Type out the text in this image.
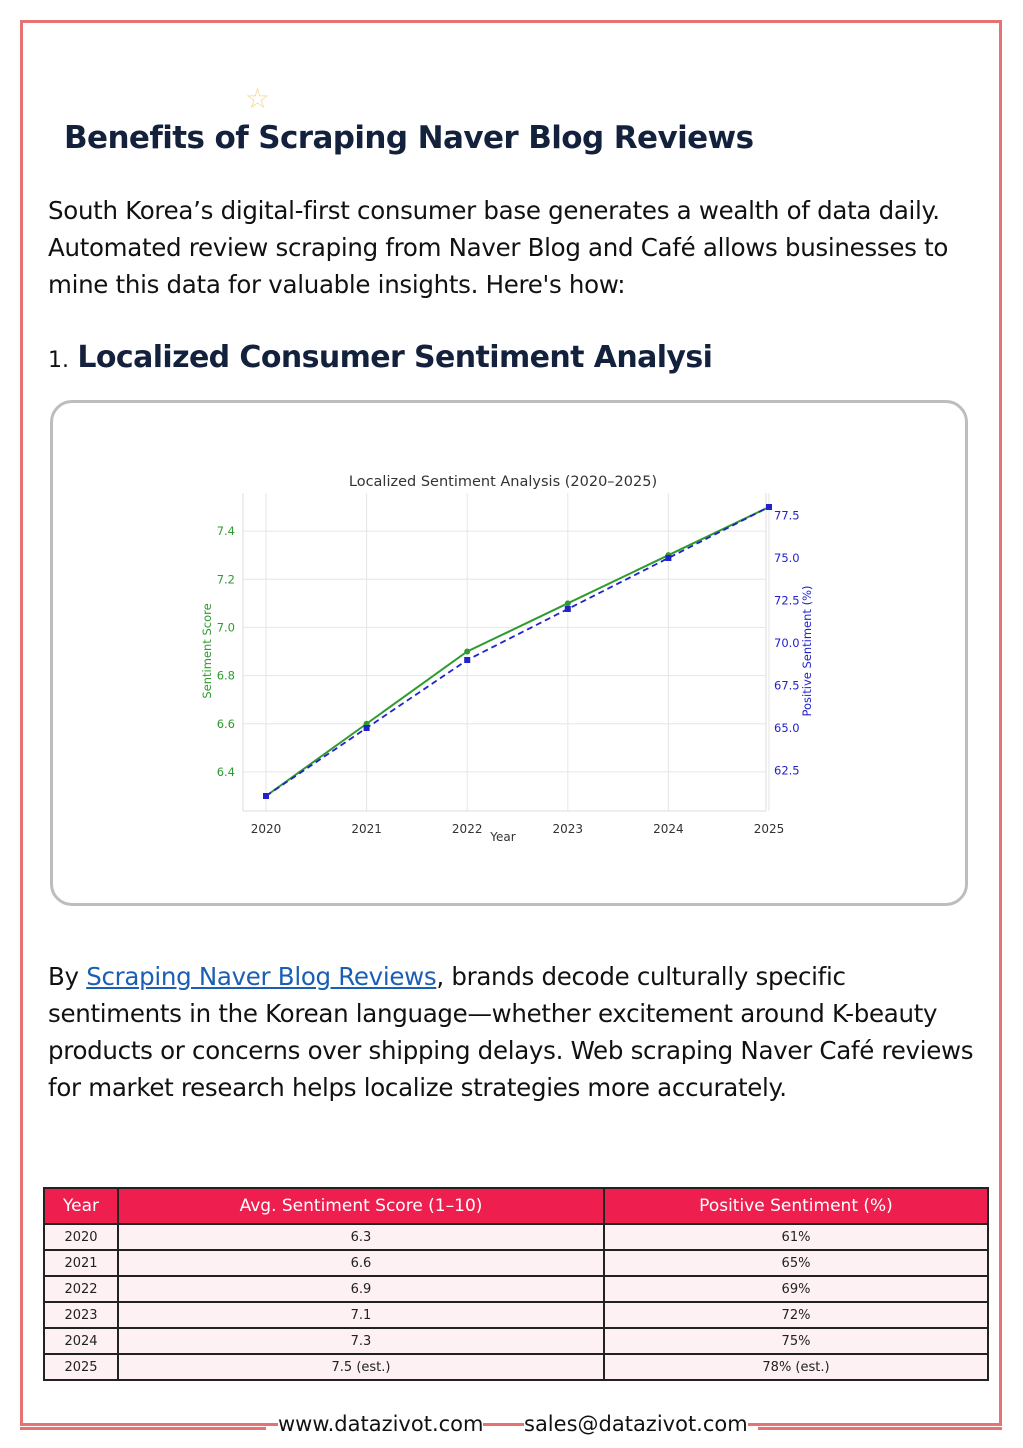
☆
Benefits of Scraping Naver Blog Reviews

South Korea’s digital-first consumer base generates a wealth of data daily. Automated review scraping from Naver Blog and Café allows businesses to mine this data for valuable insights. Here's how:

1. Localized Consumer Sentiment Analysi
2020	2021	2022	2023	2024	2025
6.4
6.6
6.8
7.0
7.2
7.4
62.5
65.0
67.5
70.0
72.5
75.0
77.5
Localized Sentiment Analysis (2020–2025)
Year
Sentiment Score	Positive Sentiment (%)

By Scraping Naver Blog Reviews, brands decode culturally specific sentiments in the Korean language—whether excitement around K-beauty products or concerns over shipping delays. Web scraping Naver Café reviews for market research helps localize strategies more accurately.

Year	Avg. Sentiment Score (1–10)	Positive Sentiment (%)
2020	6.3	61%
2021	6.6	65%
2022	6.9	69%
2023	7.1	72%
2024	7.3	75%
2025	7.5 (est.)	78% (est.)
www.datazivot.com sales@datazivot.com
